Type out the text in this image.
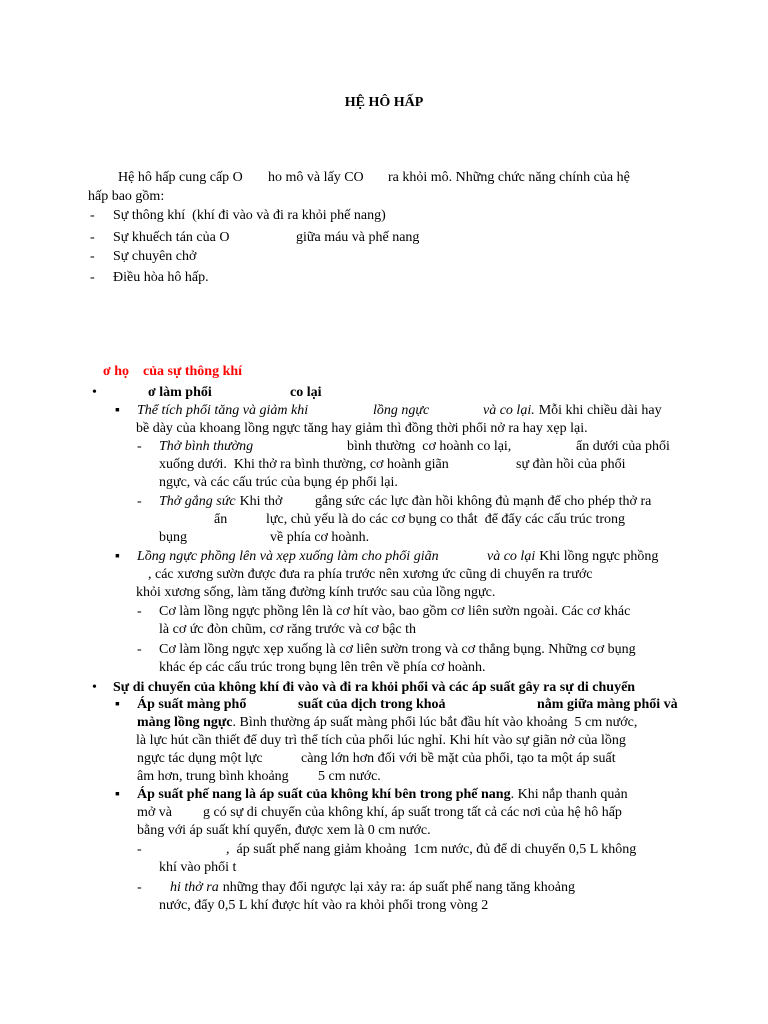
HỆ HÔ HẤP
Hệ hô hấp cung cấp O ho mô và lấy CO ra khỏi mô. Những chức năng chính của hệ
hấp bao gồm:
- Sự thông khí  (khí đi vào và đi ra khỏi phế nang)
- Sự khuếch tán của O	giữa máu và phế nang
- Sự chuyên chở
- Điều hòa hô hấp.
ơ họ của sự thông khí
•	ơ làm phổi	co lại
▪ Thể tích phổi tăng và giảm khi	lồng ngực	và co lại. Mỗi khi chiều dài hay
bề dày của khoang lồng ngực tăng hay giảm thì đồng thời phổi nở ra hay xẹp lại.
- Thở bình thường	bình thường  cơ hoành co lại,	ẩn dưới của phổi
xuống dưới.  Khi thở ra bình thường, cơ hoành giãn	sự đàn hồi của phổi
ngực, và các cấu trúc của bụng ép phổi lại.
- Thở gắng sức Khi thở gắng sức các lực đàn hồi không đủ mạnh để cho phép thở ra
ẩn	lực, chủ yếu là do các cơ bụng co thắt  để đẩy các cấu trúc trong
bụng	về phía cơ hoành.
▪ Lồng ngực phồng lên và xẹp xuống làm cho phổi giãn	và co lại Khi lồng ngực phồng
, các xương sườn được đưa ra phía trước nên xương ức cũng di chuyển ra trước
khỏi xương sống, làm tăng đường kính trước sau của lồng ngực.
- Cơ làm lồng ngực phồng lên là cơ hít vào, bao gồm cơ liên sườn ngoài. Các cơ khác
là cơ ức đòn chũm, cơ răng trước và cơ bậc th
- Cơ làm lồng ngực xẹp xuống là cơ liên sườn trong và cơ thẳng bụng. Những cơ bụng
khác ép các cấu trúc trong bụng lên trên về phía cơ hoành.
• Sự di chuyển của không khí đi vào và đi ra khỏi phổi và các áp suất gây ra sự di chuyển
▪ Áp suất màng phổ	suất của dịch trong khoả	nằm giữa màng phổi và
màng lồng ngực. Bình thường áp suất màng phổi lúc bắt đầu hít vào khoảng  5 cm nước,
là lực hút cần thiết để duy trì thể tích của phổi lúc nghỉ. Khi hít vào sự giãn nở của lồng
ngực tác dụng một lực	càng lớn hơn đối với bề mặt của phổi, tạo ta một áp suất
âm hơn, trung bình khoảng 5 cm nước.
▪ Áp suất phế nang là áp suất của không khí bên trong phế nang. Khi nắp thanh quản
mở và g có sự di chuyển của không khí, áp suất trong tất cả các nơi của hệ hô hấp
bằng với áp suất khí quyển, được xem là 0 cm nước.
-	,  áp suất phế nang giảm khoảng  1cm nước, đủ để di chuyển 0,5 L không
khí vào phổi t
- hi thở ra những thay đổi ngược lại xảy ra: áp suất phế nang tăng khoảng
nước, đẩy 0,5 L khí được hít vào ra khỏi phổi trong vòng 2
